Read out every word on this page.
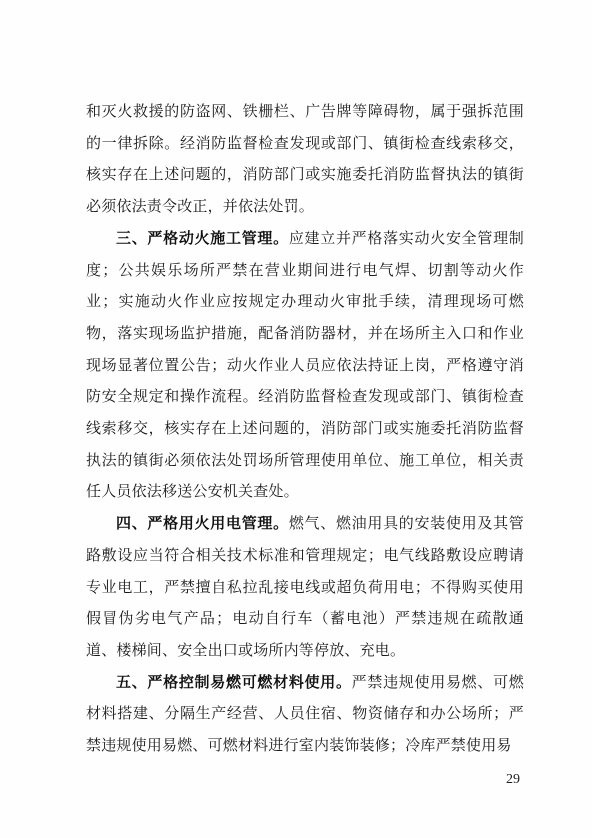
和灭火救援的防盗网、铁栅栏、广告牌等障碍物，属于强拆范围的一律拆除。经消防监督检查发现或部门、镇街检查线索移交，核实存在上述问题的，消防部门或实施委托消防监督执法的镇街必须依法责令改正，并依法处罚。

三、严格动火施工管理。应建立并严格落实动火安全管理制度；公共娱乐场所严禁在营业期间进行电气焊、切割等动火作业；实施动火作业应按规定办理动火审批手续，清理现场可燃物，落实现场监护措施，配备消防器材，并在场所主入口和作业现场显著位置公告；动火作业人员应依法持证上岗，严格遵守消防安全规定和操作流程。经消防监督检查发现或部门、镇街检查线索移交，核实存在上述问题的，消防部门或实施委托消防监督执法的镇街必须依法处罚场所管理使用单位、施工单位，相关责任人员依法移送公安机关查处。

四、严格用火用电管理。燃气、燃油用具的安装使用及其管路敷设应当符合相关技术标准和管理规定；电气线路敷设应聘请专业电工，严禁擅自私拉乱接电线或超负荷用电；不得购买使用假冒伪劣电气产品；电动自行车（蓄电池）严禁违规在疏散通道、楼梯间、安全出口或场所内等停放、充电。

五、严格控制易燃可燃材料使用。严禁违规使用易燃、可燃材料搭建、分隔生产经营、人员住宿、物资储存和办公场所；严禁违规使用易燃、可燃材料进行室内装饰装修；冷库严禁使用易

29
